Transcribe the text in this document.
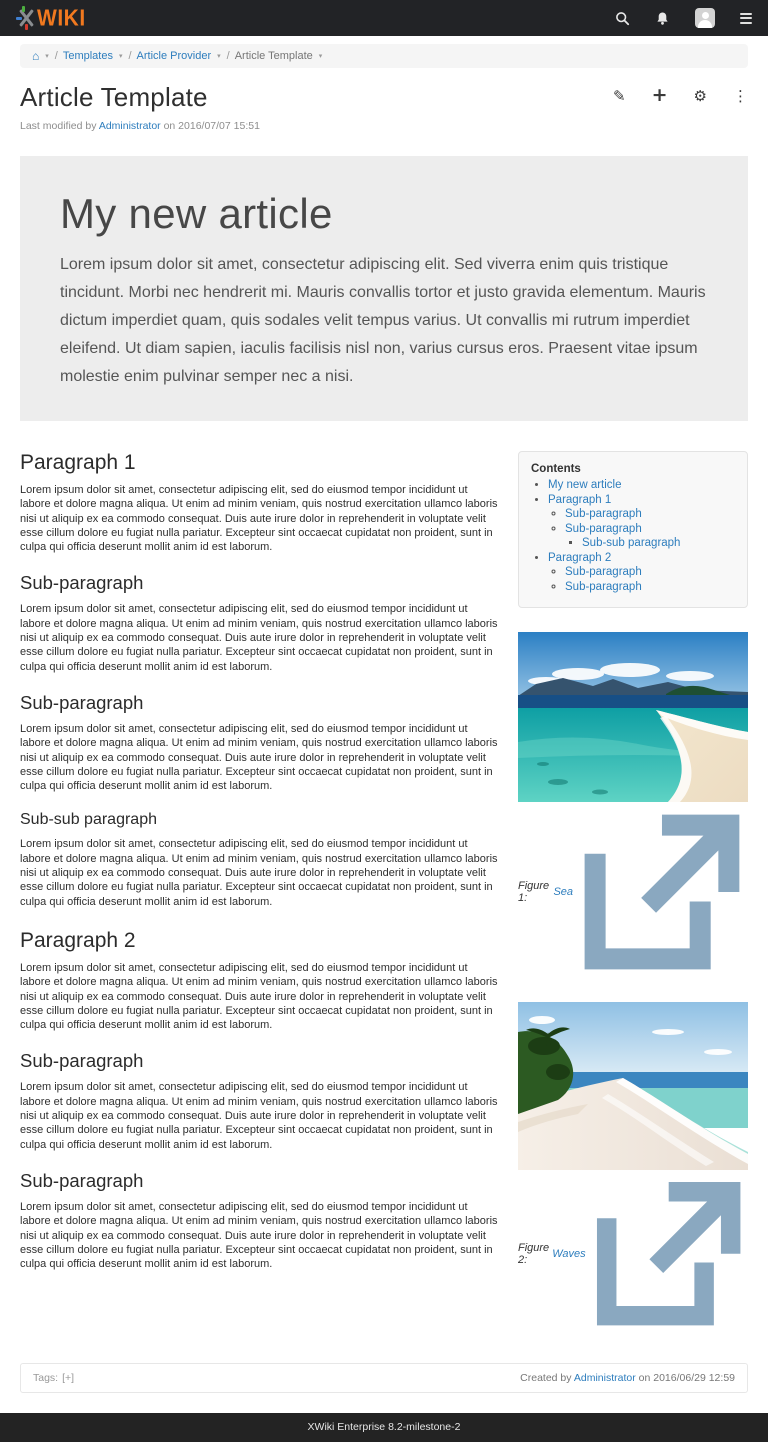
WIKI
⌂ ▾ / Templates ▾ / Article Provider ▾ / Article Template ▾
Article Template	✎ + ⚙ ⋮
Last modified by Administrator on 2016/07/07 15:51
My new article

Lorem ipsum dolor sit amet, consectetur adipiscing elit. Sed viverra enim quis tristique tincidunt. Morbi nec hendrerit mi. Mauris convallis tortor et justo gravida elementum. Mauris dictum imperdiet quam, quis sodales velit tempus varius. Ut convallis mi rutrum imperdiet eleifend. Ut diam sapien, iaculis facilisis nisl non, varius cursus eros. Praesent vitae ipsum molestie enim pulvinar semper nec a nisi.

Paragraph 1

Lorem ipsum dolor sit amet, consectetur adipiscing elit, sed do eiusmod tempor incididunt ut labore et dolore magna aliqua. Ut enim ad minim veniam, quis nostrud exercitation ullamco laboris nisi ut aliquip ex ea commodo consequat. Duis aute irure dolor in reprehenderit in voluptate velit esse cillum dolore eu fugiat nulla pariatur. Excepteur sint occaecat cupidatat non proident, sunt in culpa qui officia deserunt mollit anim id est laborum.

Sub-paragraph

Lorem ipsum dolor sit amet, consectetur adipiscing elit, sed do eiusmod tempor incididunt ut labore et dolore magna aliqua. Ut enim ad minim veniam, quis nostrud exercitation ullamco laboris nisi ut aliquip ex ea commodo consequat. Duis aute irure dolor in reprehenderit in voluptate velit esse cillum dolore eu fugiat nulla pariatur. Excepteur sint occaecat cupidatat non proident, sunt in culpa qui officia deserunt mollit anim id est laborum.

Sub-paragraph

Lorem ipsum dolor sit amet, consectetur adipiscing elit, sed do eiusmod tempor incididunt ut labore et dolore magna aliqua. Ut enim ad minim veniam, quis nostrud exercitation ullamco laboris nisi ut aliquip ex ea commodo consequat. Duis aute irure dolor in reprehenderit in voluptate velit esse cillum dolore eu fugiat nulla pariatur. Excepteur sint occaecat cupidatat non proident, sunt in culpa qui officia deserunt mollit anim id est laborum.

Sub-sub paragraph

Lorem ipsum dolor sit amet, consectetur adipiscing elit, sed do eiusmod tempor incididunt ut labore et dolore magna aliqua. Ut enim ad minim veniam, quis nostrud exercitation ullamco laboris nisi ut aliquip ex ea commodo consequat. Duis aute irure dolor in reprehenderit in voluptate velit esse cillum dolore eu fugiat nulla pariatur. Excepteur sint occaecat cupidatat non proident, sunt in culpa qui officia deserunt mollit anim id est laborum.

Paragraph 2

Lorem ipsum dolor sit amet, consectetur adipiscing elit, sed do eiusmod tempor incididunt ut labore et dolore magna aliqua. Ut enim ad minim veniam, quis nostrud exercitation ullamco laboris nisi ut aliquip ex ea commodo consequat. Duis aute irure dolor in reprehenderit in voluptate velit esse cillum dolore eu fugiat nulla pariatur. Excepteur sint occaecat cupidatat non proident, sunt in culpa qui officia deserunt mollit anim id est laborum.

Sub-paragraph

Lorem ipsum dolor sit amet, consectetur adipiscing elit, sed do eiusmod tempor incididunt ut labore et dolore magna aliqua. Ut enim ad minim veniam, quis nostrud exercitation ullamco laboris nisi ut aliquip ex ea commodo consequat. Duis aute irure dolor in reprehenderit in voluptate velit esse cillum dolore eu fugiat nulla pariatur. Excepteur sint occaecat cupidatat non proident, sunt in culpa qui officia deserunt mollit anim id est laborum.

Sub-paragraph

Lorem ipsum dolor sit amet, consectetur adipiscing elit, sed do eiusmod tempor incididunt ut labore et dolore magna aliqua. Ut enim ad minim veniam, quis nostrud exercitation ullamco laboris nisi ut aliquip ex ea commodo consequat. Duis aute irure dolor in reprehenderit in voluptate velit esse cillum dolore eu fugiat nulla pariatur. Excepteur sint occaecat cupidatat non proident, sunt in culpa qui officia deserunt mollit anim id est laborum.

Contents
• My new article
• Paragraph 1
◦ Sub-paragraph
◦ Sub-paragraph
▪ Sub-sub paragraph
• Paragraph 2
◦ Sub-paragraph
◦ Sub-paragraph
Figure 1:	Sea
Figure 2:	Waves
Tags: [+]	Created by Administrator on 2016/06/29 12:59
XWiki Enterprise 8.2-milestone-2
